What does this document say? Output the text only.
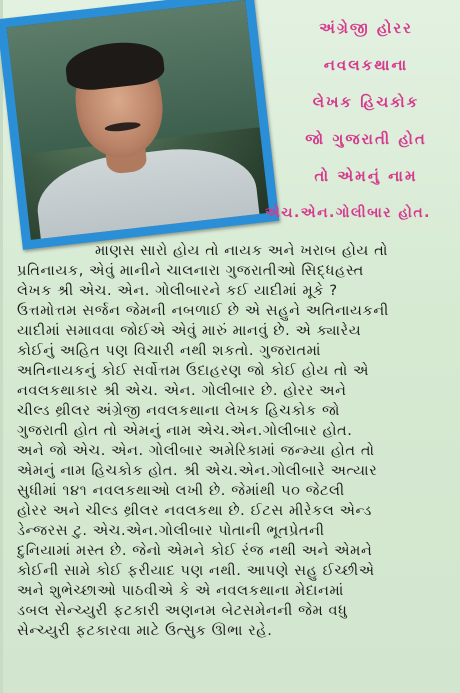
અંગ્રેજી હોરર
નવલકથાના
લેખક હિચકોક
જો ગુજરાતી હોત
તો એમનું નામ
એચ.એન.ગોલીબાર હોત.
માણસ સારો હોય તો નાયક અને ખરાબ હોય તો
પ્રતિનાયક, એવું માનીને ચાલનારા ગુજરાતીઓ સિદ્ધહસ્ત
લેખક શ્રી એચ. એન. ગોલીબારને કઈ યાદીમાં મૂકે ?
ઉત્તમોત્તમ સર્જન જેમની નબળાઈ છે એ સહુને અતિનાયકની
યાદીમાં સમાવવા જોઈએ એવું મારું માનવું છે. એ ક્યારેય
કોઈનું અહિત પણ વિચારી નથી શકતો. ગુજરાતમાં
અતિનાયકનું કોઈ સર્વોત્તમ ઉદાહરણ જો કોઈ હોય તો એ
નવલકથાકાર શ્રી એચ. એન. ગોલીબાર છે. હોરર અને
ચીલ્ડ થ્રીલર અંગ્રેજી નવલકથાના લેખક હિચકોક જો
ગુજરાતી હોત તો એમનું નામ એચ.એન.ગોલીબાર હોત.
અને જો એચ. એન. ગોલીબાર અમેરિકામાં જન્મ્યા હોત તો
એમનું નામ હિચકોક હોત. શ્રી એચ.એન.ગોલીબારે અત્યાર
સુધીમાં ૧૪૧ નવલકથાઓ લખી છે. જેમાંથી ૫૦ જેટલી
હોરર અને ચીલ્ડ થ્રીલર નવલકથા છે. ઈટસ મીરેકલ એન્ડ
ડેન્જરસ ટુ. એચ.એન.ગોલીબાર પોતાની ભૂતપ્રેતની
દુનિયામાં મસ્ત છે. જેનો એમને કોઈ રંજ નથી અને એમને
કોઈની સામે કોઈ ફરીયાદ પણ નથી. આપણે સહુ ઈચ્છીએ
અને શુભેચ્છાઓ પાઠવીએ કે એ નવલકથાના મેદાનમાં
ડબલ સેન્ચ્યુરી ફટકારી અણનમ બેટસમેનની જેમ વધુ
સેન્ચ્યુરી ફટકારવા માટે ઉત્સુક ઊભા રહે.
